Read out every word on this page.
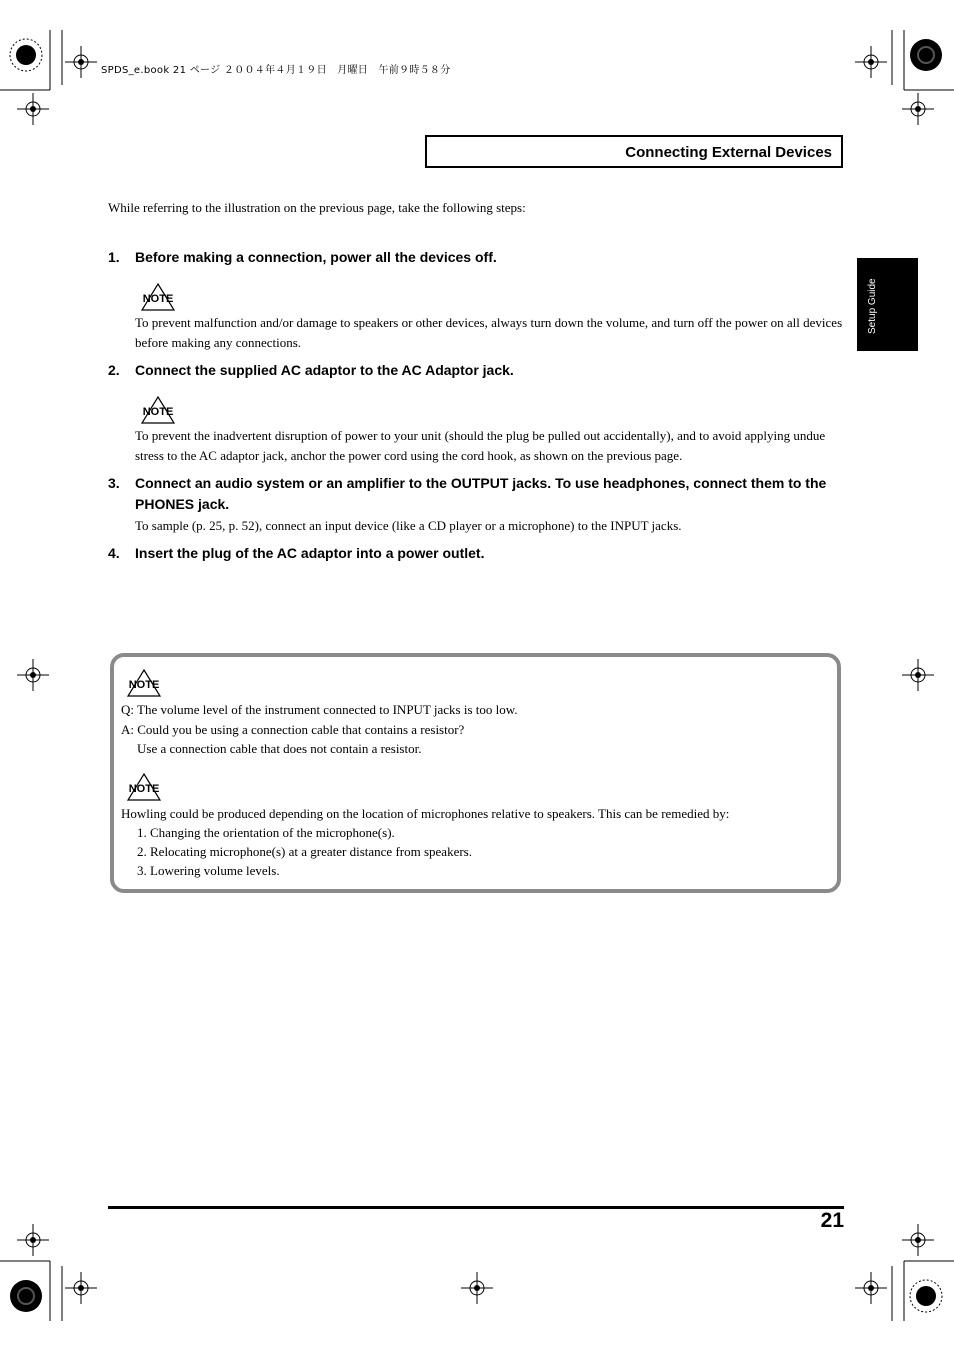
SPDS_e.book 21 ページ ２００４年４月１９日　月曜日　午前９時５８分
Connecting External Devices
Setup Guide
While referring to the illustration on the previous page, take the following steps:
1. Before making a connection, power all the devices off.
NOTE
To prevent malfunction and/or damage to speakers or other devices, always turn down the volume, and turn off the power on all devices before making any connections.
2. Connect the supplied AC adaptor to the AC Adaptor jack.
NOTE
To prevent the inadvertent disruption of power to your unit (should the plug be pulled out accidentally), and to avoid applying undue stress to the AC adaptor jack, anchor the power cord using the cord hook, as shown on the previous page.
3. Connect an audio system or an amplifier to the OUTPUT jacks. To use headphones, connect them to the PHONES jack.
To sample (p. 25, p. 52), connect an input device (like a CD player or a microphone) to the INPUT jacks.
4. Insert the plug of the AC adaptor into a power outlet.
NOTE
Q: The volume level of the instrument connected to INPUT jacks is too low.
A: Could you be using a connection cable that contains a resistor?
Use a connection cable that does not contain a resistor.
NOTE
Howling could be produced depending on the location of microphones relative to speakers. This can be remedied by:
1. Changing the orientation of the microphone(s).
2. Relocating microphone(s) at a greater distance from speakers.
3. Lowering volume levels.
21
